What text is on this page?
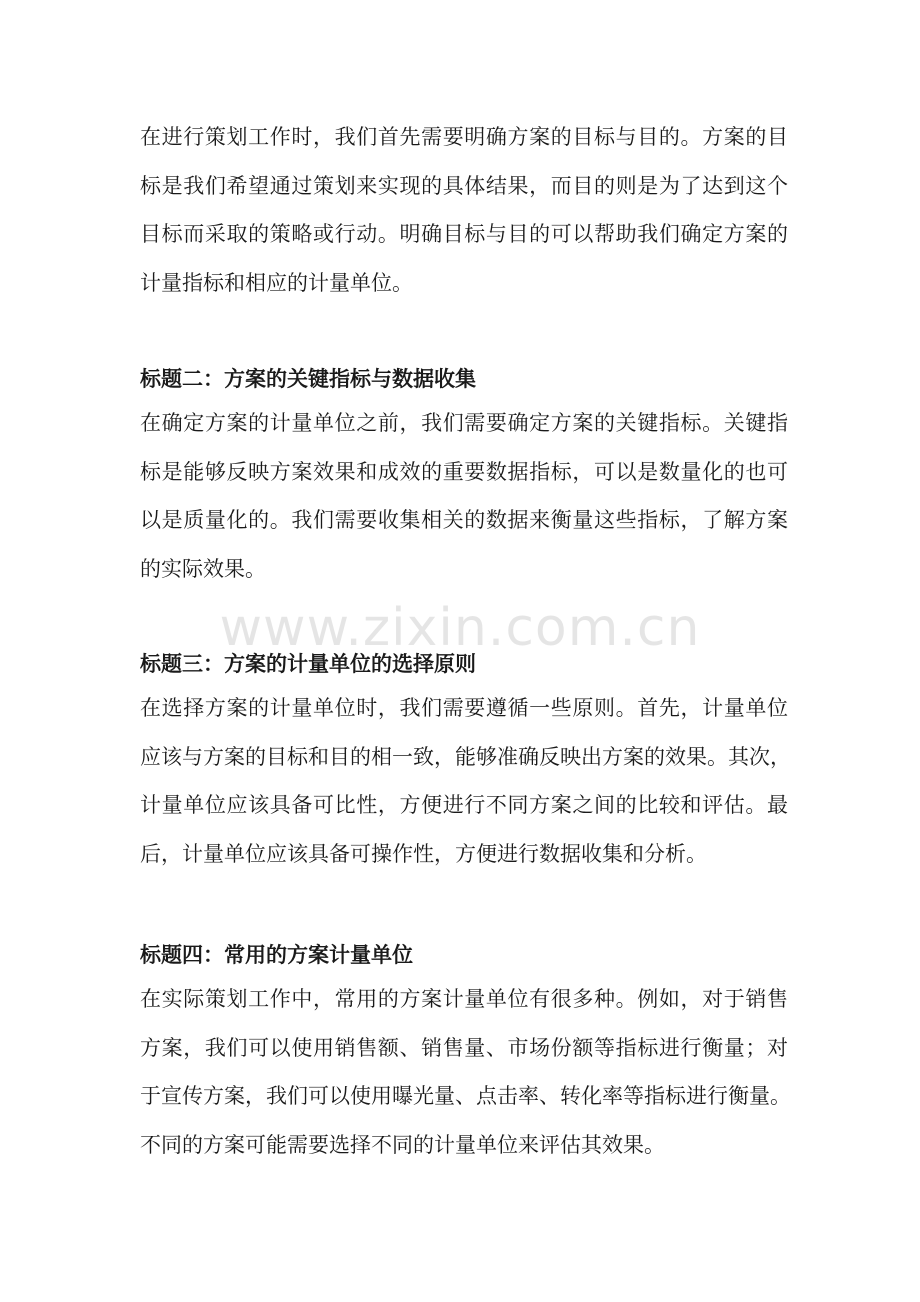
www.zixin.com.cn

在进行策划工作时，我们首先需要明确方案的目标与目的。方案的目
标是我们希望通过策划来实现的具体结果，而目的则是为了达到这个
目标而采取的策略或行动。明确目标与目的可以帮助我们确定方案的
计量指标和相应的计量单位。

标题二：方案的关键指标与数据收集

在确定方案的计量单位之前，我们需要确定方案的关键指标。关键指
标是能够反映方案效果和成效的重要数据指标，可以是数量化的也可
以是质量化的。我们需要收集相关的数据来衡量这些指标，了解方案
的实际效果。

标题三：方案的计量单位的选择原则

在选择方案的计量单位时，我们需要遵循一些原则。首先，计量单位
应该与方案的目标和目的相一致，能够准确反映出方案的效果。其次，
计量单位应该具备可比性，方便进行不同方案之间的比较和评估。最
后，计量单位应该具备可操作性，方便进行数据收集和分析。

标题四：常用的方案计量单位

在实际策划工作中，常用的方案计量单位有很多种。例如，对于销售
方案，我们可以使用销售额、销售量、市场份额等指标进行衡量；对
于宣传方案，我们可以使用曝光量、点击率、转化率等指标进行衡量。
不同的方案可能需要选择不同的计量单位来评估其效果。
